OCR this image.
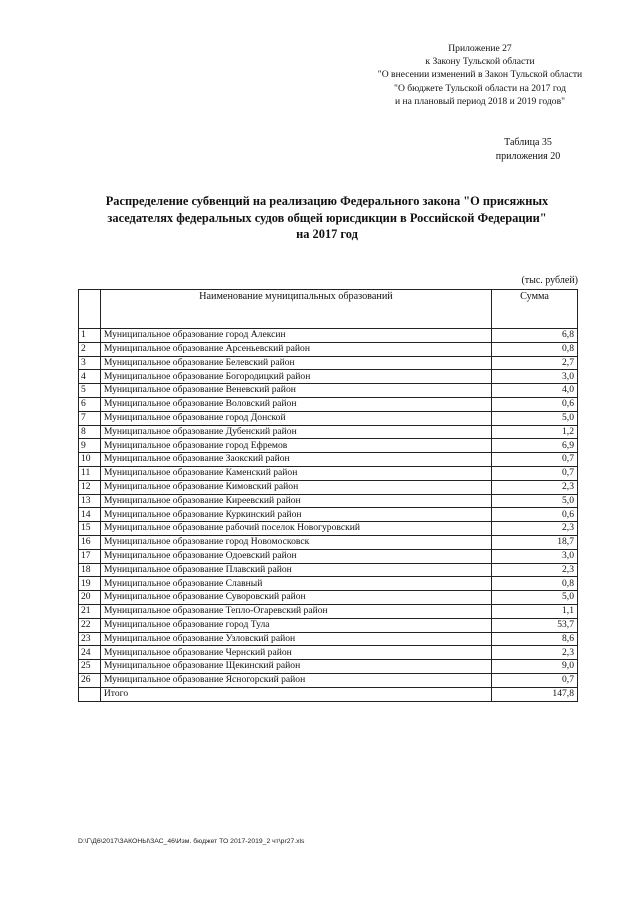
Приложение 27
к Закону Тульской области
"О внесении изменений в Закон Тульской области
"О бюджете Тульской области на 2017 год
и на плановый период 2018 и 2019 годов"
Таблица 35
приложения 20
Распределение субвенций на реализацию Федерального закона "О присяжных
заседателях федеральных судов общей юрисдикции в Российской Федерации"
на 2017 год
(тыс. рублей)
	Наименование муниципальных образований	Сумма
1	Муниципальное образование город Алексин	6,8
2	Муниципальное образование Арсеньевский район	0,8
3	Муниципальное образование Белевский район	2,7
4	Муниципальное образование Богородицкий район	3,0
5	Муниципальное образование Веневский район	4,0
6	Муниципальное образование Воловский район	0,6
7	Муниципальное образование город Донской	5,0
8	Муниципальное образование Дубенский район	1,2
9	Муниципальное образование город Ефремов	6,9
10	Муниципальное образование Заокский район	0,7
11	Муниципальное образование Каменский район	0,7
12	Муниципальное образование Кимовский район	2,3
13	Муниципальное образование Киреевский район	5,0
14	Муниципальное образование Куркинский район	0,6
15	Муниципальное образование рабочий поселок Новогуровский	2,3
16	Муниципальное образование город Новомосковск	18,7
17	Муниципальное образование Одоевский район	3,0
18	Муниципальное образование Плавский район	2,3
19	Муниципальное образование Славный	0,8
20	Муниципальное образование Суворовский район	5,0
21	Муниципальное образование Тепло-Огаревский район	1,1
22	Муниципальное образование город Тула	53,7
23	Муниципальное образование Узловский район	8,6
24	Муниципальное образование Чернский район	2,3
25	Муниципальное образование Щекинский район	9,0
26	Муниципальное образование Ясногорский район	0,7
	Итого	147,8
D:\Г\Д6\2017\ЗАКОНЫ\ЗАС_46\Изм. бюджет ТО 2017-2019_2 чт\рr27.xls
